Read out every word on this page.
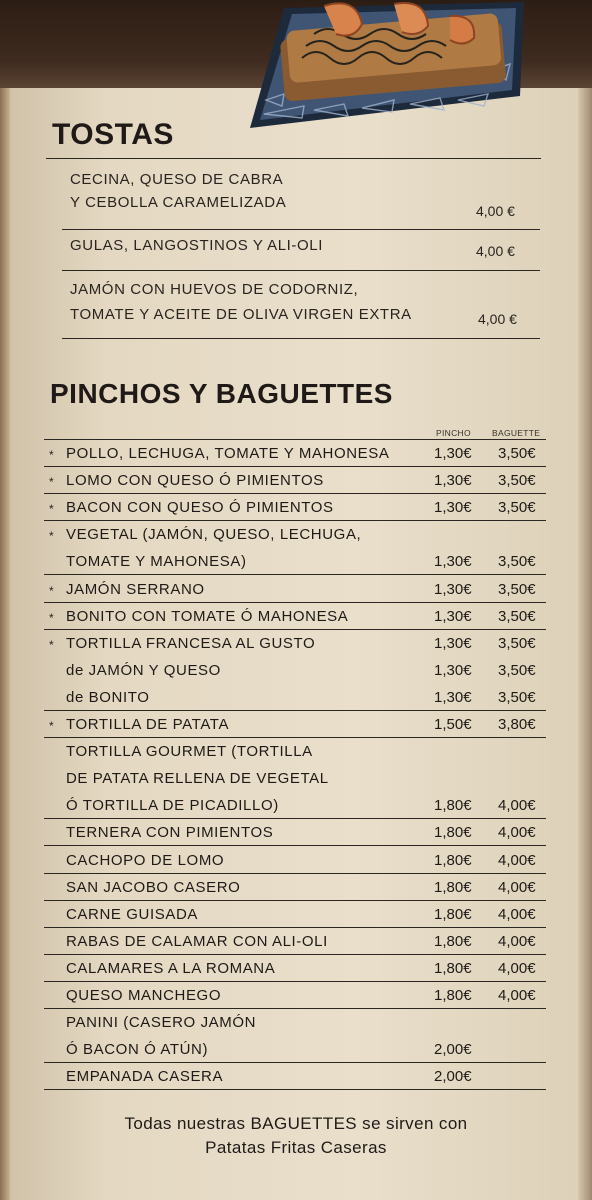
TOSTAS
CECINA, QUESO DE CABRA
Y CEBOLLA CARAMELIZADA	4,00 €
GULAS, LANGOSTINOS Y ALI-OLI	4,00 €
JAMÓN CON HUEVOS DE CODORNIZ,
TOMATE Y ACEITE DE OLIVA VIRGEN EXTRA	4,00 €
PINCHOS Y BAGUETTES
PINCHO BAGUETTE
* POLLO, LECHUGA, TOMATE Y MAHONESA	1,30€ 3,50€
* LOMO CON QUESO Ó PIMIENTOS	1,30€ 3,50€
* BACON CON QUESO Ó PIMIENTOS	1,30€ 3,50€
* VEGETAL (JAMÓN, QUESO, LECHUGA,
TOMATE Y MAHONESA)	1,30€ 3,50€
* JAMÓN SERRANO	1,30€ 3,50€
* BONITO CON TOMATE Ó MAHONESA	1,30€ 3,50€
* TORTILLA FRANCESA AL GUSTO	1,30€ 3,50€
de JAMÓN Y QUESO	1,30€ 3,50€
de BONITO	1,30€ 3,50€
* TORTILLA DE PATATA	1,50€ 3,80€
TORTILLA GOURMET (TORTILLA
DE PATATA RELLENA DE VEGETAL
Ó TORTILLA DE PICADILLO)	1,80€ 4,00€
TERNERA CON PIMIENTOS	1,80€ 4,00€
CACHOPO DE LOMO	1,80€ 4,00€
SAN JACOBO CASERO	1,80€ 4,00€
CARNE GUISADA	1,80€ 4,00€
RABAS DE CALAMAR CON ALI-OLI	1,80€ 4,00€
CALAMARES A LA ROMANA	1,80€ 4,00€
QUESO MANCHEGO	1,80€ 4,00€
PANINI (CASERO JAMÓN
Ó BACON Ó ATÚN)	2,00€
EMPANADA CASERA	2,00€
Todas nuestras BAGUETTES se sirven con
Patatas Fritas Caseras
